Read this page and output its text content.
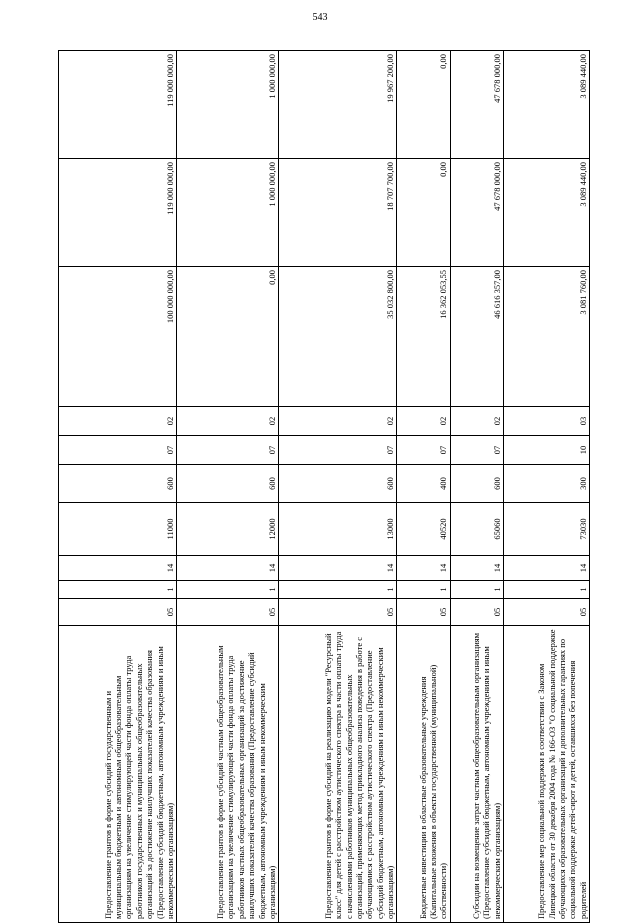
543
Предоставление грантов в форме субсидий государственным и муниципальным бюджетным и автономным общеобразовательным организациям на увеличение стимулирующей части фонда оплаты труда работников государственных и муниципальных общеобразовательных организаций за достижение наилучших показателей качества образования (Предоставление субсидий бюджетным, автономным учреждениям и иным некоммерческим организациям)	05	1	14	11000	600	07	02	100 000 000,00	119 000 000,00	119 000 000,00
Предоставление грантов в форме субсидий частным общеобразовательным организациям на увеличение стимулирующей части фонда оплаты труда работников частных общеобразовательных организаций за достижение наилучших показателей качества образования (Предоставление субсидий бюджетным, автономным учреждениям и иным некоммерческим организациям)	05	1	14	12000	600	07	02	0,00	1 000 000,00	1 000 000,00
Предоставление грантов в форме субсидий на реализацию модели "Ресурсный класс" для детей с расстройством аутистического спектра в части оплаты труда с начислениями работников муниципальных общеобразовательных организаций, применяющих метод прикладного анализа поведения в работе с обучающимися с расстройством аутистического спектра (Предоставление субсидий бюджетным, автономным учреждениям и иным некоммерческим организациям)	05	1	14	13000	600	07	02	35 032 800,00	18 707 700,00	19 967 200,00
Бюджетные инвестиции в областные образовательные учреждения (Капитальные вложения в объекты государственной (муниципальной) собственности)	05	1	14	40520	400	07	02	16 362 053,55	0,00	0,00
Субсидии на возмещение затрат частным общеобразовательным организациям (Предоставление субсидий бюджетным, автономным учреждениям и иным некоммерческим организациям)	05	1	14	65060	600	07	02	46 616 357,00	47 678 000,00	47 678 000,00
Предоставление мер социальной поддержки в соответствии с Законом Липецкой области от 30 декабря 2004 года № 166-ОЗ "О социальной поддержке обучающихся образовательных организаций и дополнительных гарантиях по социальной поддержке детей-сирот и детей, оставшихся без попечения родителей	05	1	14	73030	300	10	03	3 081 760,00	3 089 440,00	3 089 440,00
